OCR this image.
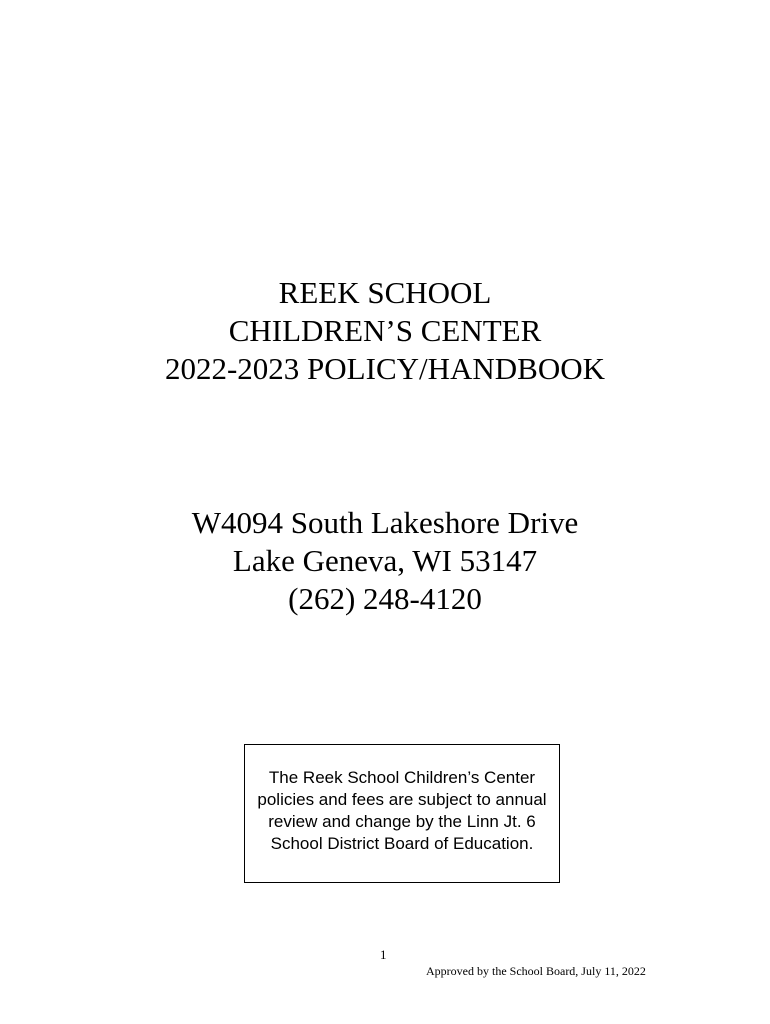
REEK SCHOOL
CHILDREN’S CENTER
2022-2023 POLICY/HANDBOOK
W4094 South Lakeshore Drive
Lake Geneva, WI 53147
(262) 248-4120
The Reek School Children’s Center
policies and fees are subject to annual
review and change by the Linn Jt. 6
School District Board of Education.
1
Approved by the School Board, July 11, 2022
